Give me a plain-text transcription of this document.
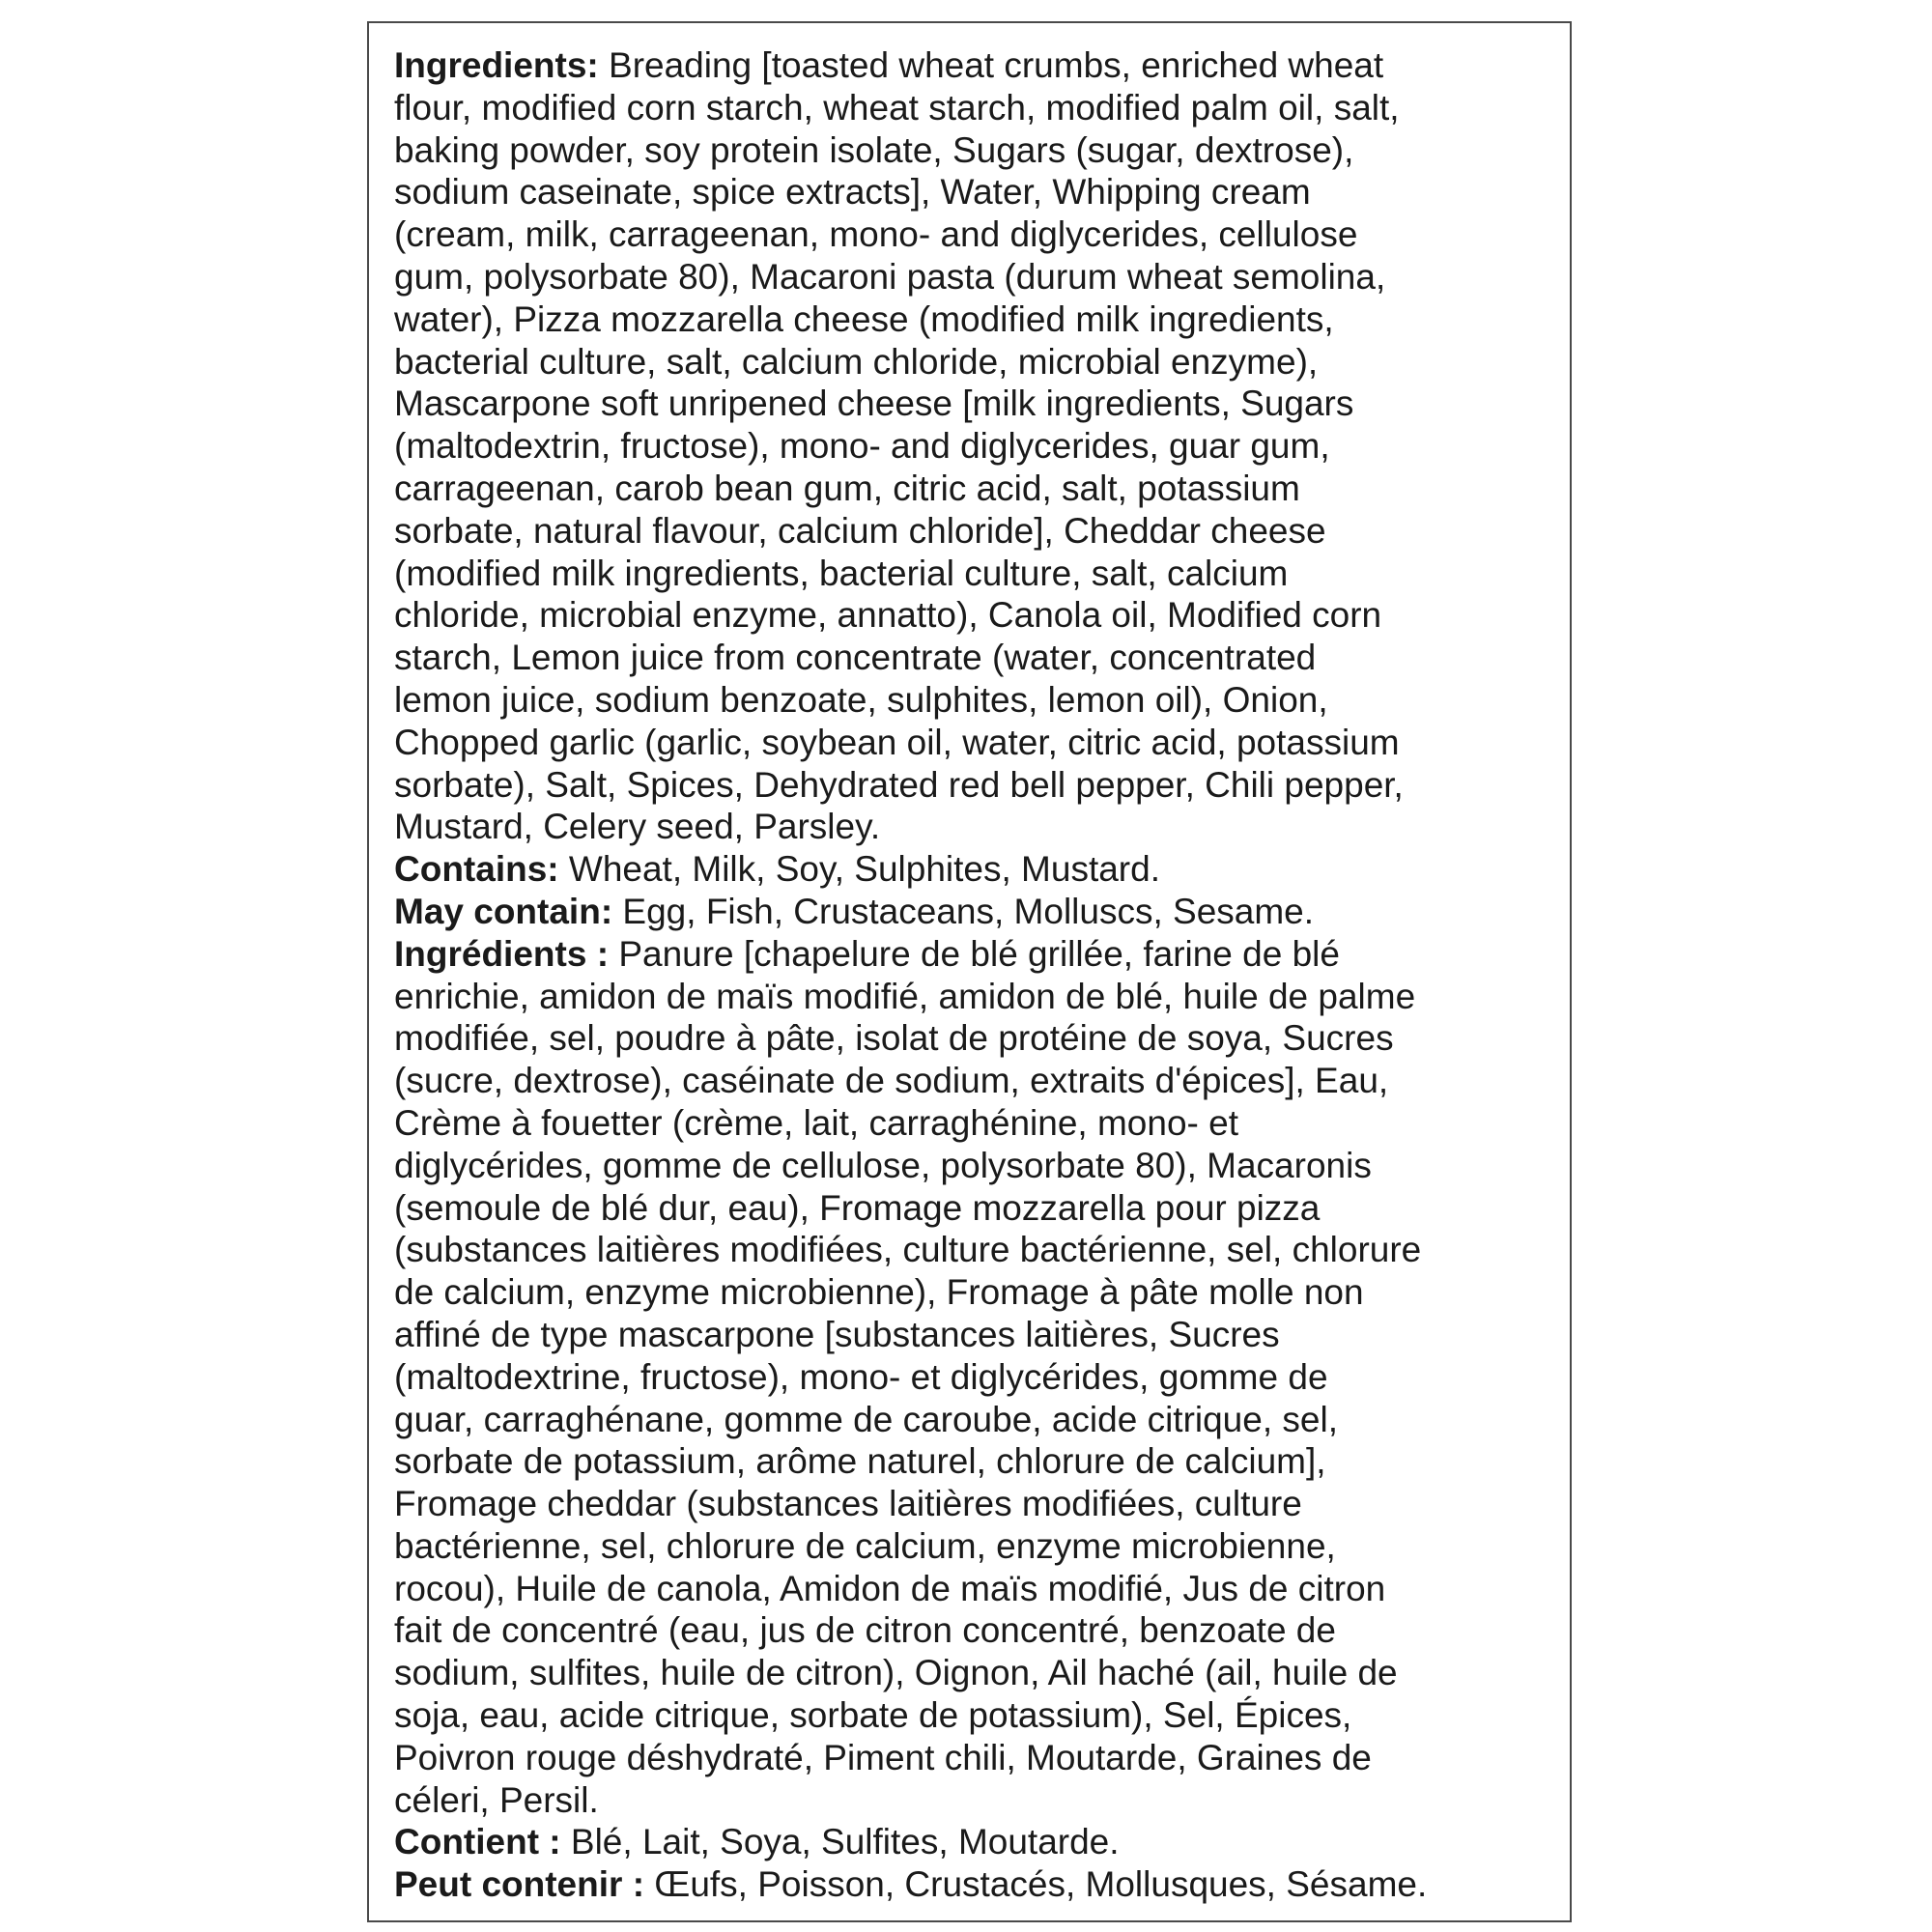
Ingredients: Breading [toasted wheat crumbs, enriched wheat
flour, modified corn starch, wheat starch, modified palm oil, salt,
baking powder, soy protein isolate, Sugars (sugar, dextrose),
sodium caseinate, spice extracts], Water, Whipping cream
(cream, milk, carrageenan, mono- and diglycerides, cellulose
gum, polysorbate 80), Macaroni pasta (durum wheat semolina,
water), Pizza mozzarella cheese (modified milk ingredients,
bacterial culture, salt, calcium chloride, microbial enzyme),
Mascarpone soft unripened cheese [milk ingredients, Sugars
(maltodextrin, fructose), mono- and diglycerides, guar gum,
carrageenan, carob bean gum, citric acid, salt, potassium
sorbate, natural flavour, calcium chloride], Cheddar cheese
(modified milk ingredients, bacterial culture, salt, calcium
chloride, microbial enzyme, annatto), Canola oil, Modified corn
starch, Lemon juice from concentrate (water, concentrated
lemon juice, sodium benzoate, sulphites, lemon oil), Onion,
Chopped garlic (garlic, soybean oil, water, citric acid, potassium
sorbate), Salt, Spices, Dehydrated red bell pepper, Chili pepper,
Mustard, Celery seed, Parsley.

Contains: Wheat, Milk, Soy, Sulphites, Mustard.

May contain: Egg, Fish, Crustaceans, Molluscs, Sesame.

Ingrédients : Panure [chapelure de blé grillée, farine de blé
enrichie, amidon de maïs modifié, amidon de blé, huile de palme
modifiée, sel, poudre à pâte, isolat de protéine de soya, Sucres
(sucre, dextrose), caséinate de sodium, extraits d'épices], Eau,
Crème à fouetter (crème, lait, carraghénine, mono- et
diglycérides, gomme de cellulose, polysorbate 80), Macaronis
(semoule de blé dur, eau), Fromage mozzarella pour pizza
(substances laitières modifiées, culture bactérienne, sel, chlorure
de calcium, enzyme microbienne), Fromage à pâte molle non
affiné de type mascarpone [substances laitières, Sucres
(maltodextrine, fructose), mono- et diglycérides, gomme de
guar, carraghénane, gomme de caroube, acide citrique, sel,
sorbate de potassium, arôme naturel, chlorure de calcium],
Fromage cheddar (substances laitières modifiées, culture
bactérienne, sel, chlorure de calcium, enzyme microbienne,
rocou), Huile de canola, Amidon de maïs modifié, Jus de citron
fait de concentré (eau, jus de citron concentré, benzoate de
sodium, sulfites, huile de citron), Oignon, Ail haché (ail, huile de
soja, eau, acide citrique, sorbate de potassium), Sel, Épices,
Poivron rouge déshydraté, Piment chili, Moutarde, Graines de
céleri, Persil.

Contient : Blé, Lait, Soya, Sulfites, Moutarde.

Peut contenir : Œufs, Poisson, Crustacés, Mollusques, Sésame.
